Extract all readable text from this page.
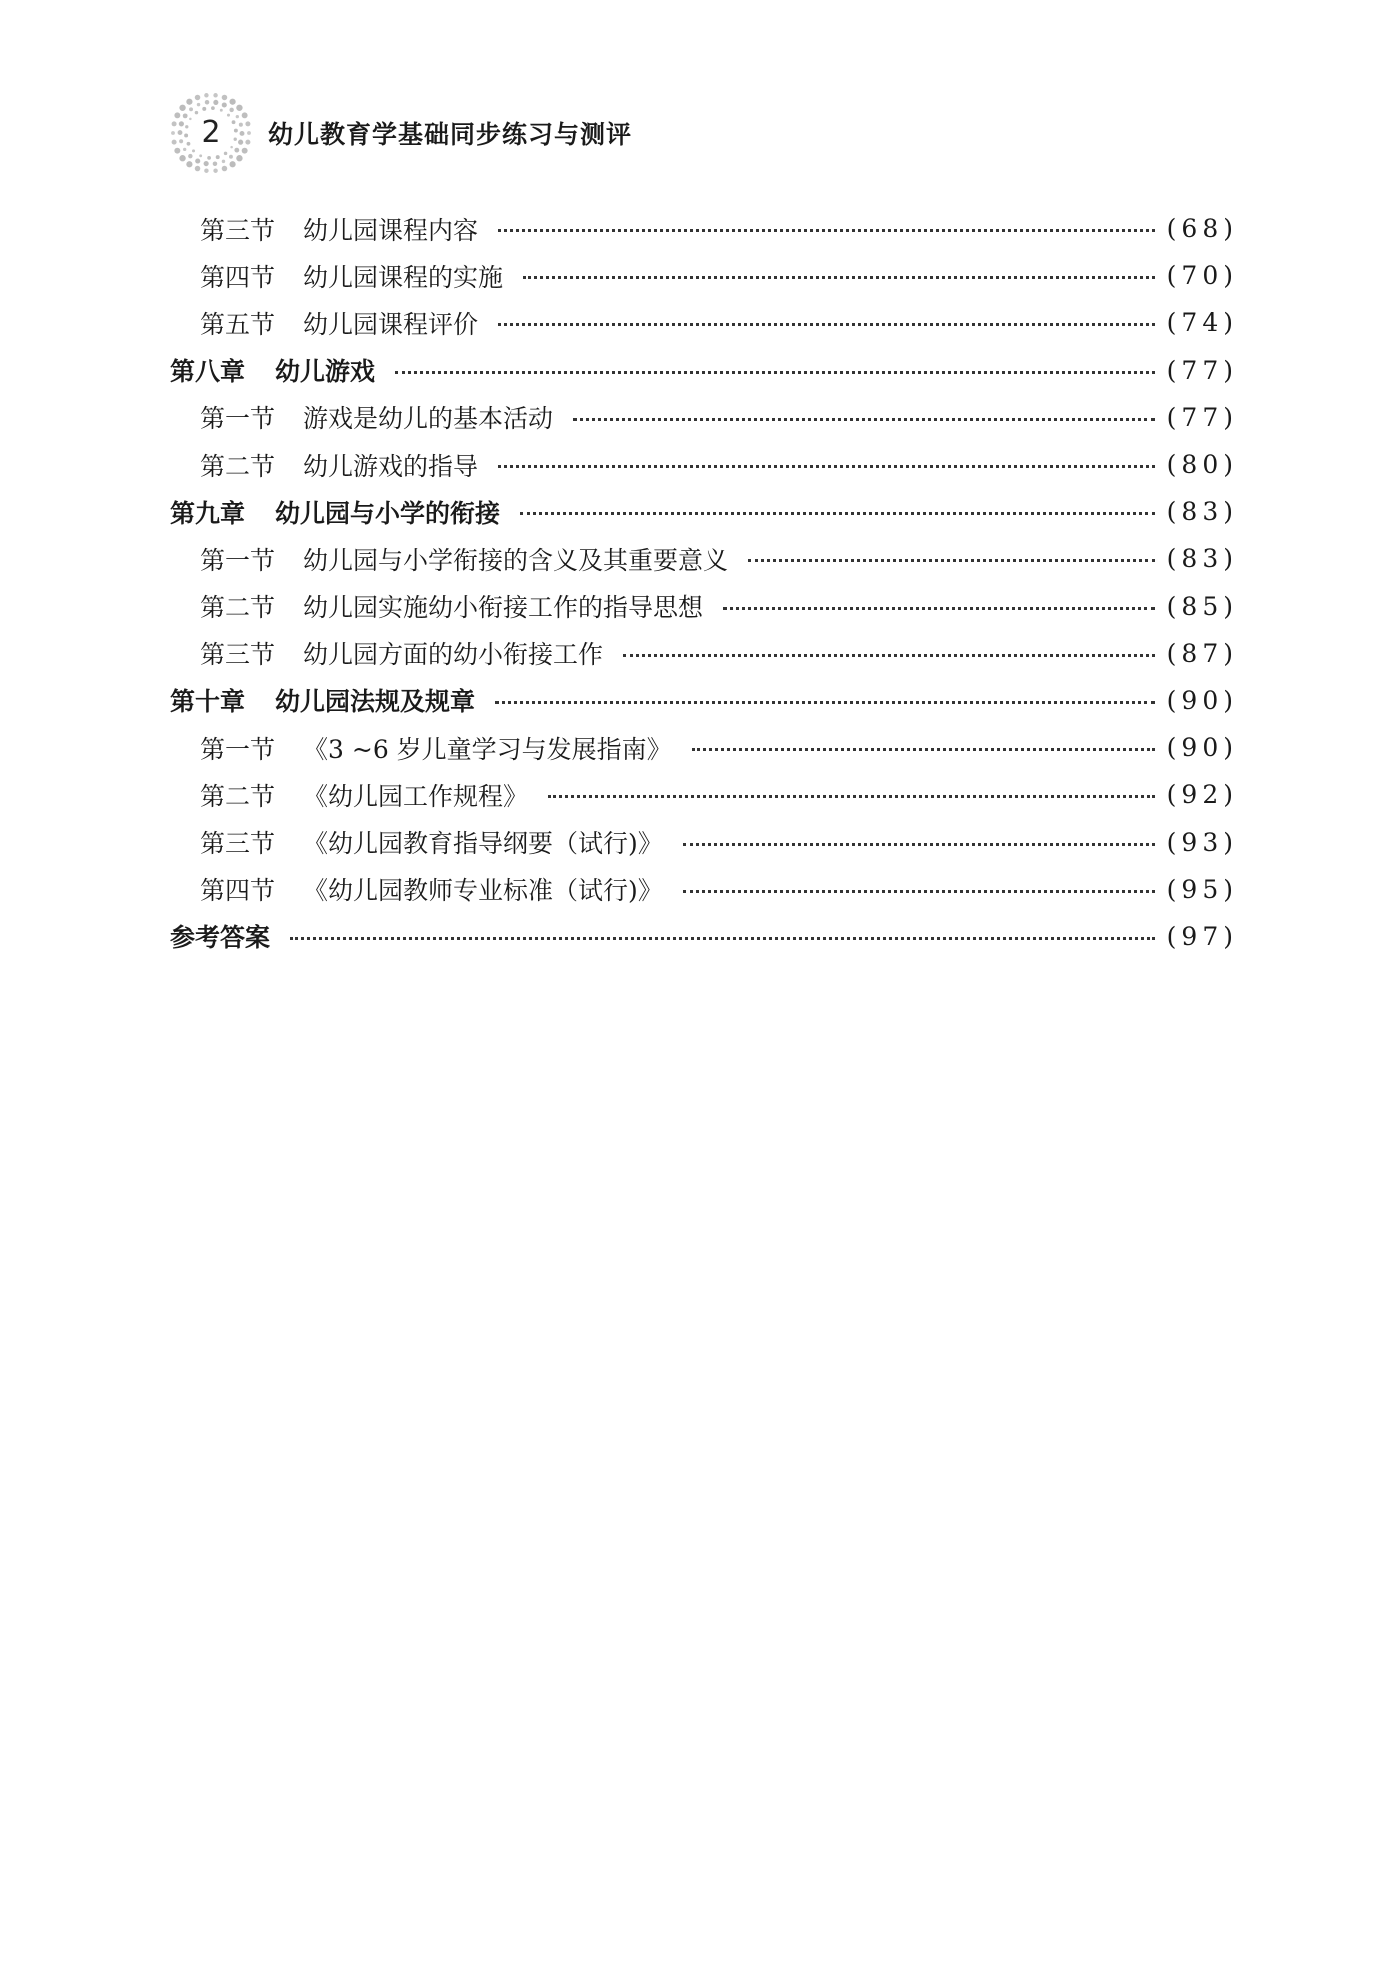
2	幼儿教育学基础同步练习与测评
第三节 幼儿园课程内容	(68)
第四节 幼儿园课程的实施	(70)
第五节 幼儿园课程评价	(74)
第八章 幼儿游戏	(77)
第一节 游戏是幼儿的基本活动	(77)
第二节 幼儿游戏的指导	(80)
第九章 幼儿园与小学的衔接	(83)
第一节 幼儿园与小学衔接的含义及其重要意义	(83)
第二节 幼儿园实施幼小衔接工作的指导思想	(85)
第三节 幼儿园方面的幼小衔接工作	(87)
第十章 幼儿园法规及规章	(90)
第一节 《3 ~6 岁儿童学习与发展指南》	(90)
第二节 《幼儿园工作规程》	(92)
第三节 《幼儿园教育指导纲要（试行)》	(93)
第四节 《幼儿园教师专业标准（试行)》	(95)
参考答案	(97)
